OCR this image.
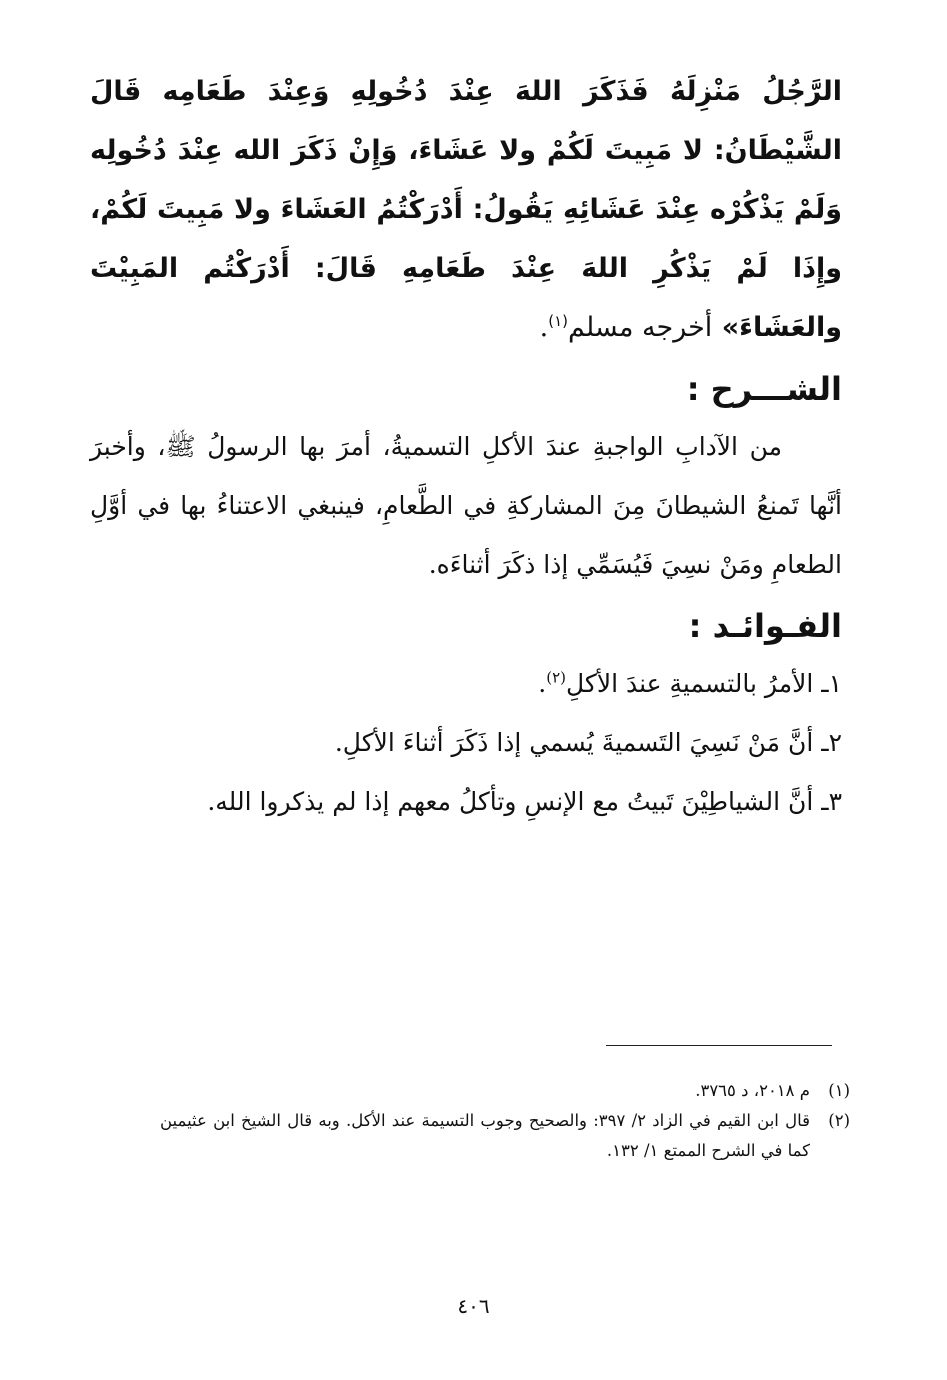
الرَّجُلُ مَنْزِلَهُ فَذَكَرَ اللهَ عِنْدَ دُخُولِهِ وَعِنْدَ طَعَامِه قَالَ الشَّيْطَانُ: لا مَبِيتَ لَكُمْ ولا عَشَاءَ، وَإِنْ ذَكَرَ الله عِنْدَ دُخُولِه وَلَمْ يَذْكُرْه عِنْدَ عَشَائِهِ يَقُولُ: أَدْرَكْتُمُ العَشَاءَ ولا مَبِيتَ لَكُمْ، وإِذَا لَمْ يَذْكُرِ اللهَ عِنْدَ طَعَامِهِ قَالَ: أَدْرَكْتُم المَبِيْتَ والعَشَاءَ» أخرجه مسلم$^{(١)}$.

الشـــرح :

من الآدابِ الواجبةِ عندَ الأكلِ التسميةُ، أمرَ بها الرسولُ ﷺ، وأخبرَ أنَّها تَمنعُ الشيطانَ مِنَ المشاركةِ في الطَّعامِ، فينبغي الاعتناءُ بها في أوَّلِ الطعامِ ومَنْ نسِيَ فَيُسَمِّي إذا ذكَرَ أثناءَه.

الفـوائـد :
١ـ الأمرُ بالتسميةِ عندَ الأكلِ$^{(٢)}$.
٢ـ أنَّ مَنْ نَسِيَ التَسميةَ يُسمي إذا ذَكَرَ أثناءَ الأكلِ.
٣ـ أنَّ الشياطِيْنَ تَبيتُ مع الإنسِ وتأكلُ معهم إذا لم يذكروا الله.
(١)
م ٢٠١٨، د ٣٧٦٥.
(٢)
قال ابن القيم في الزاد ٢/ ٣٩٧: والصحيح وجوب التسيمة عند الأكل. وبه قال الشيخ ابن عثيمين كما في الشرح الممتع ١/ ١٣٢.
٤٠٦
